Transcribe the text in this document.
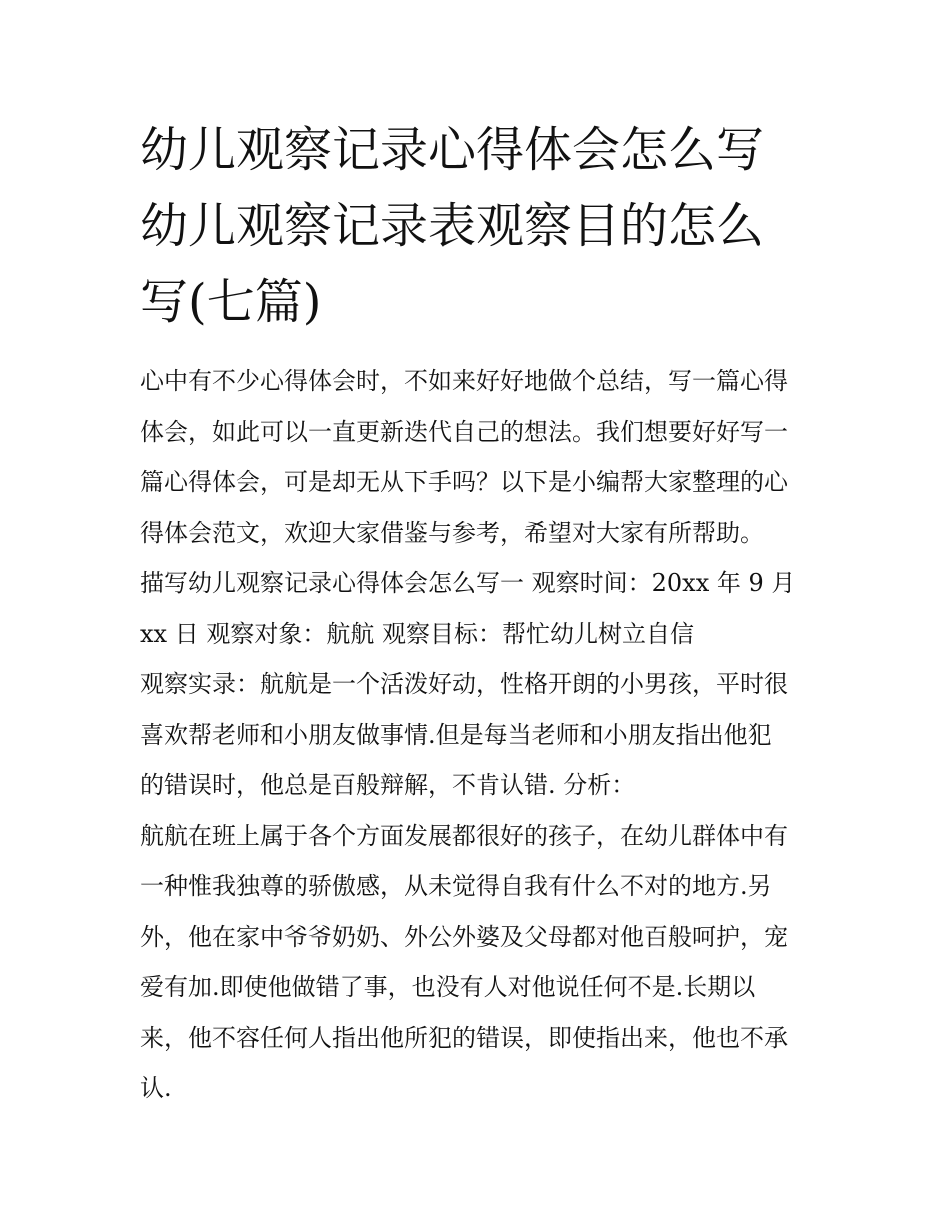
幼儿观察记录心得体会怎么写
幼儿观察记录表观察目的怎么
写(七篇)
心中有不少心得体会时，不如来好好地做个总结，写一篇心得
体会，如此可以一直更新迭代自己的想法。我们想要好好写一
篇心得体会，可是却无从下手吗？以下是小编帮大家整理的心
得体会范文，欢迎大家借鉴与参考，希望对大家有所帮助。
描写幼儿观察记录心得体会怎么写一 观察时间：20xx 年 9 月
xx 日 观察对象：航航 观察目标：帮忙幼儿树立自信
观察实录：航航是一个活泼好动，性格开朗的小男孩，平时很
喜欢帮老师和小朋友做事情.但是每当老师和小朋友指出他犯
的错误时，他总是百般辩解，不肯认错. 分析：
航航在班上属于各个方面发展都很好的孩子，在幼儿群体中有
一种惟我独尊的骄傲感，从未觉得自我有什么不对的地方.另
外，他在家中爷爷奶奶、外公外婆及父母都对他百般呵护，宠
爱有加.即使他做错了事，也没有人对他说任何不是.长期以
来，他不容任何人指出他所犯的错误，即使指出来，他也不承
认.
